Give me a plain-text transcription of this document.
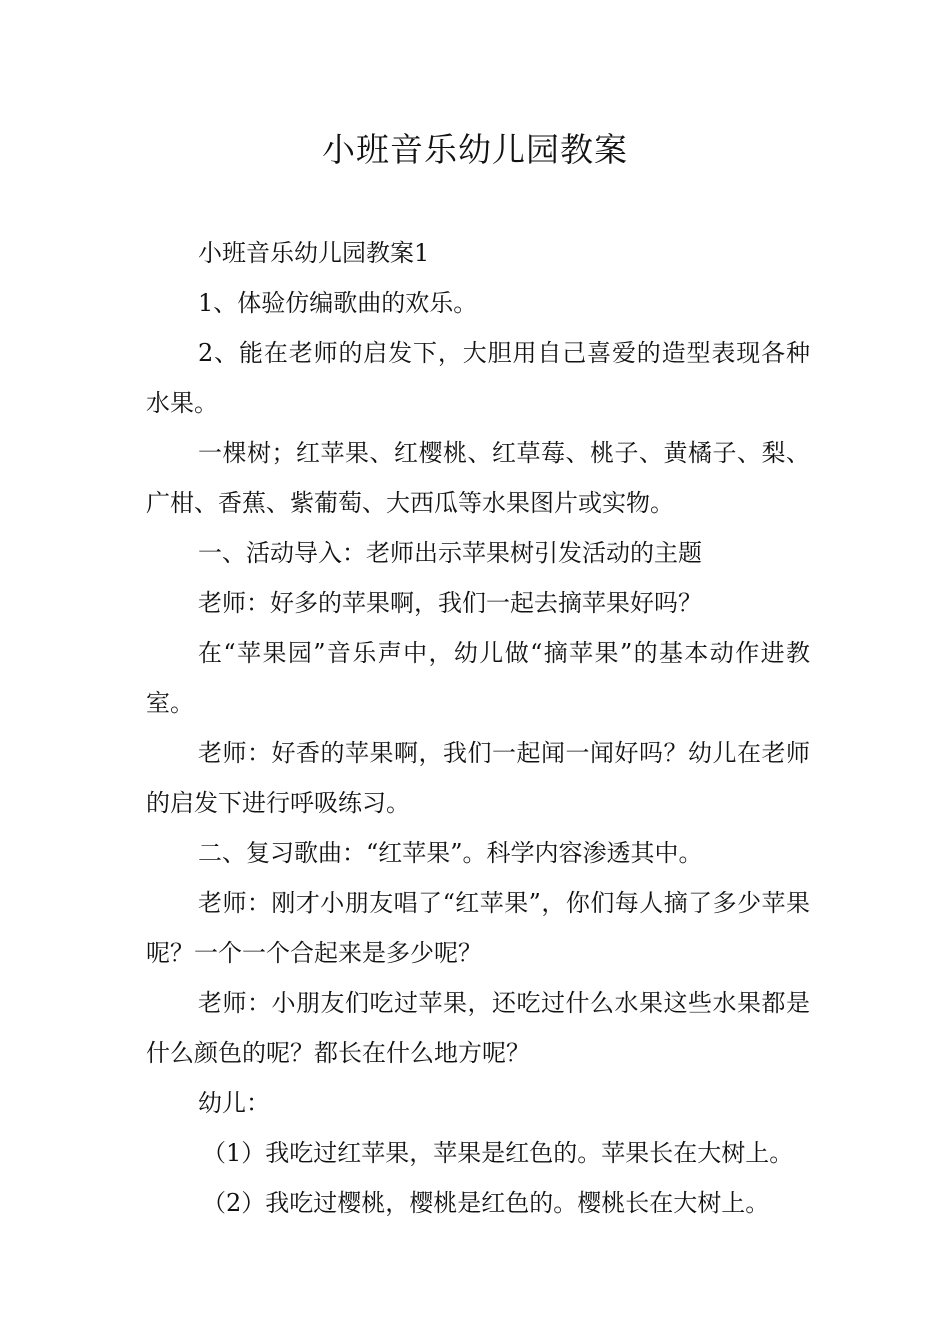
小班音乐幼儿园教案

小班音乐幼儿园教案1

1、体验仿编歌曲的欢乐。

2、能在老师的启发下，大胆用自己喜爱的造型表现各种水果。

一棵树；红苹果、红樱桃、红草莓、桃子、黄橘子、梨、广柑、香蕉、紫葡萄、大西瓜等水果图片或实物。

一、活动导入：老师出示苹果树引发活动的主题

老师：好多的苹果啊，我们一起去摘苹果好吗？

在“苹果园”音乐声中，幼儿做“摘苹果”的基本动作进教室。

老师：好香的苹果啊，我们一起闻一闻好吗？幼儿在老师的启发下进行呼吸练习。

二、复习歌曲：“红苹果”。科学内容渗透其中。

老师：刚才小朋友唱了“红苹果”，你们每人摘了多少苹果呢？一个一个合起来是多少呢？

老师：小朋友们吃过苹果，还吃过什么水果这些水果都是什么颜色的呢？都长在什么地方呢？

幼儿：

（1）我吃过红苹果，苹果是红色的。苹果长在大树上。

（2）我吃过樱桃，樱桃是红色的。樱桃长在大树上。
